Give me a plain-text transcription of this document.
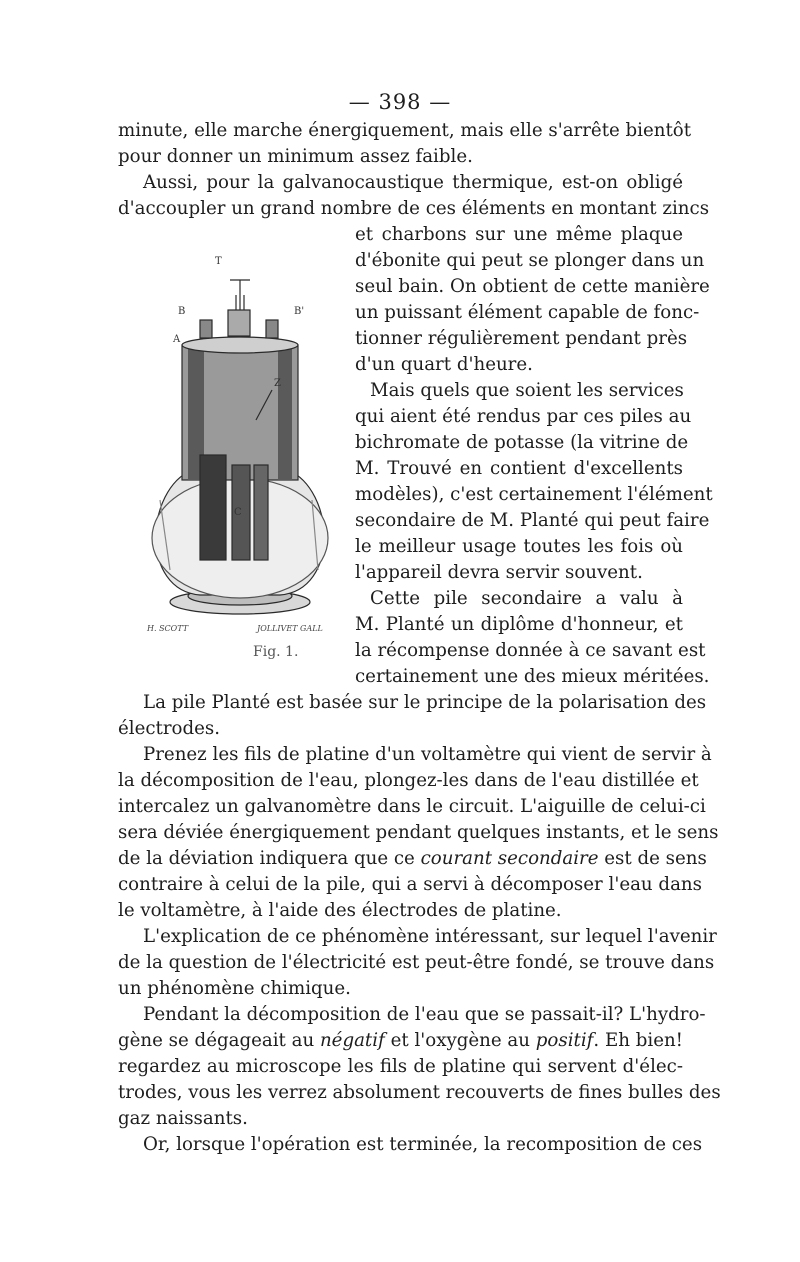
— 398 —
minute, elle marche énergiquement, mais elle s'arrête bientôt
pour donner un minimum assez faible.
Aussi, pour la galvanocaustique thermique, est-on obligé
d'accoupler un grand nombre de ces éléments en montant zincs
et charbons sur une même plaque
d'ébonite qui peut se plonger dans un
seul bain. On obtient de cette manière
un puissant élément capable de fonc-
tionner régulièrement pendant près
d'un quart d'heure.
Mais quels que soient les services
qui aient été rendus par ces piles au
bichromate de potasse (la vitrine de
M. Trouvé en contient d'excellents
modèles), c'est certainement l'élément
secondaire de M. Planté qui peut faire
le meilleur usage toutes les fois où
l'appareil devra servir souvent.
Cette pile secondaire a valu à
M. Planté un diplôme d'honneur, et
la récompense donnée à ce savant est
certainement une des mieux méritées.
La pile Planté est basée sur le principe de la polarisation des
électrodes.
Prenez les fils de platine d'un voltamètre qui vient de servir à
la décomposition de l'eau, plongez-les dans de l'eau distillée et
intercalez un galvanomètre dans le circuit. L'aiguille de celui-ci
sera déviée énergiquement pendant quelques instants, et le sens
de la déviation indiquera que ce courant secondaire est de sens
contraire à celui de la pile, qui a servi à décomposer l'eau dans
le voltamètre, à l'aide des électrodes de platine.
L'explication de ce phénomène intéressant, sur lequel l'avenir
de la question de l'électricité est peut-être fondé, se trouve dans
un phénomène chimique.
Pendant la décomposition de l'eau que se passait-il? L'hydro-
gène se dégageait au négatif et l'oxygène au positif. Eh bien!
regardez au microscope les fils de platine qui servent d'élec-
trodes, vous les verrez absolument recouverts de fines bulles des
gaz naissants.
Or, lorsque l'opération est terminée, la recomposition de ces
T
B	B'
A
Z
C
H. SCOTT	JOLLIVET GALL
Fig. 1.
